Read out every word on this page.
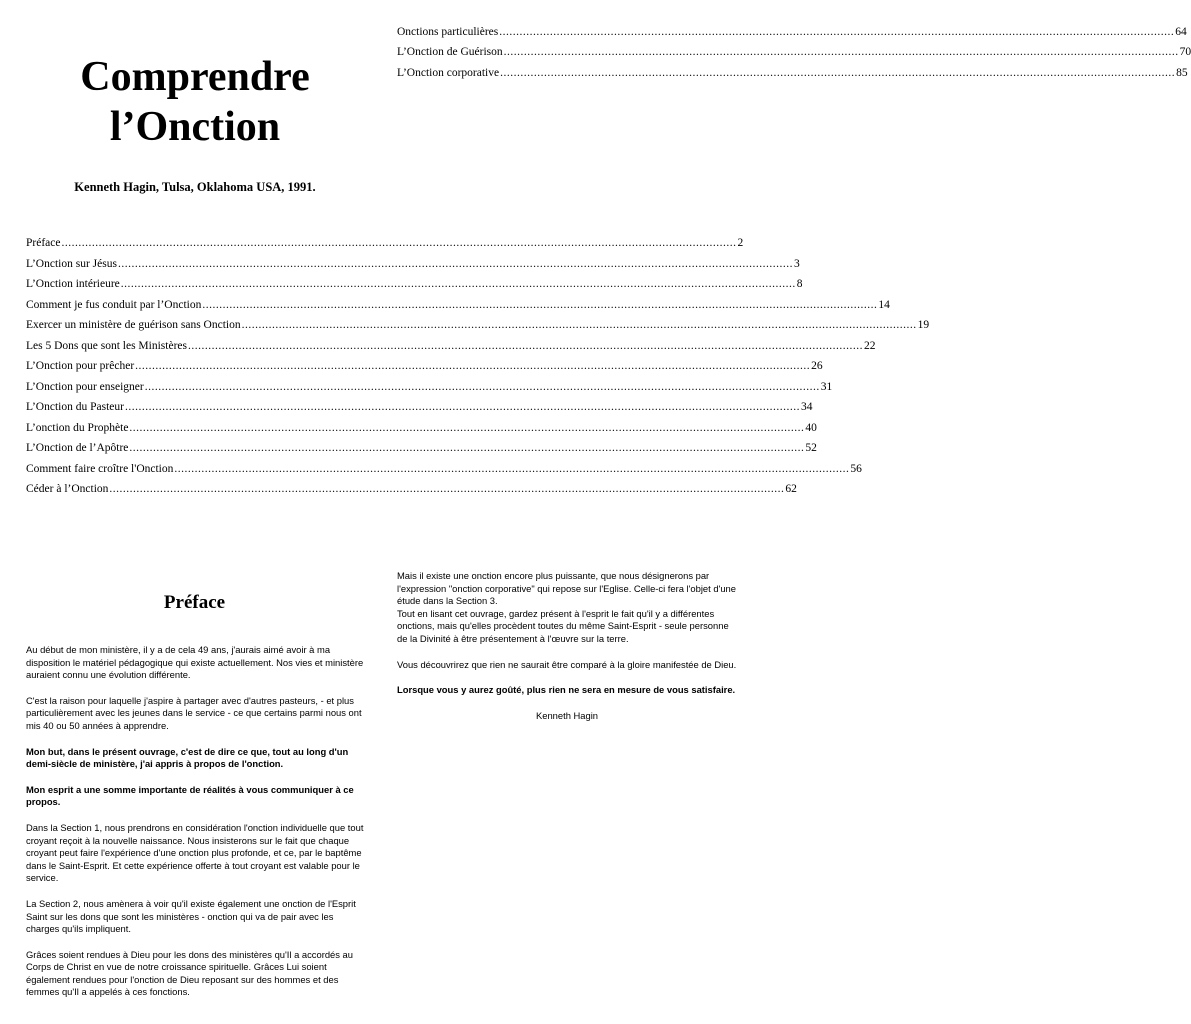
Comprendre
l’Onction
Kenneth Hagin, Tulsa, Oklahoma USA, 1991.
Préface ........................................................................................................................................................................................................ 2
L’Onction sur Jésus ........................................................................................................................................................................................................ 3
L’Onction intérieure ........................................................................................................................................................................................................ 8
Comment je fus conduit par l’Onction ........................................................................................................................................................................................................ 14
Exercer un ministère de guérison sans Onction ........................................................................................................................................................................................................ 19
Les 5 Dons que sont les Ministères ........................................................................................................................................................................................................ 22
L’Onction pour prêcher ........................................................................................................................................................................................................ 26
L’Onction pour enseigner ........................................................................................................................................................................................................ 31
L’Onction du Pasteur ........................................................................................................................................................................................................ 34
L’onction du Prophète ........................................................................................................................................................................................................ 40
L’Onction de l’Apôtre ........................................................................................................................................................................................................ 52
Comment faire croître l'Onction ........................................................................................................................................................................................................ 56
Céder à l’Onction ........................................................................................................................................................................................................ 62
Onctions particulières ........................................................................................................................................................................................................ 64
L’Onction de Guérison ........................................................................................................................................................................................................ 70
L’Onction corporative ........................................................................................................................................................................................................ 85
Préface

Au début de mon ministère, il y a de cela 49 ans, j'aurais aimé avoir à ma disposition le matériel pédagogique qui existe actuellement. Nos vies et ministère auraient connu une évolution différente.

C'est la raison pour laquelle j'aspire à partager avec d'autres pasteurs, - et plus particulièrement avec les jeunes dans le service - ce que certains parmi nous ont mis 40 ou 50 années à apprendre.

Mon but, dans le présent ouvrage, c'est de dire ce que, tout au long d'un demi-siècle de ministère, j'ai appris à propos de l'onction.

Mon esprit a une somme importante de réalités à vous communiquer à ce propos.

Dans la Section 1, nous prendrons en considération l'onction individuelle que tout croyant reçoit à la nouvelle naissance. Nous insisterons sur le fait que chaque croyant peut faire l'expérience d'une onction plus profonde, et ce, par le baptême dans le Saint-Esprit. Et cette expérience offerte à tout croyant est valable pour le service.

La Section 2, nous amènera à voir qu'il existe également une onction de l'Esprit Saint sur les dons que sont les ministères - onction qui va de pair avec les charges qu'ils impliquent.

Grâces soient rendues à Dieu pour les dons des ministères qu'Il a accordés au Corps de Christ en vue de notre croissance spirituelle. Grâces Lui soient également rendues pour l'onction de Dieu reposant sur des hommes et des femmes qu'Il a appelés à ces fonctions.

Mais il existe une onction encore plus puissante, que nous désignerons par l'expression "onction corporative" qui repose sur l'Eglise. Celle-ci fera l'objet d'une étude dans la Section 3.

Tout en lisant cet ouvrage, gardez présent à l'esprit le fait qu'il y a différentes onctions, mais qu'elles procèdent toutes du même Saint-Esprit - seule personne de la Divinité à être présentement à l'œuvre sur la terre.

Vous découvrirez que rien ne saurait être comparé à la gloire manifestée de Dieu.

Lorsque vous y aurez goûté, plus rien ne sera en mesure de vous satisfaire.

Kenneth Hagin
